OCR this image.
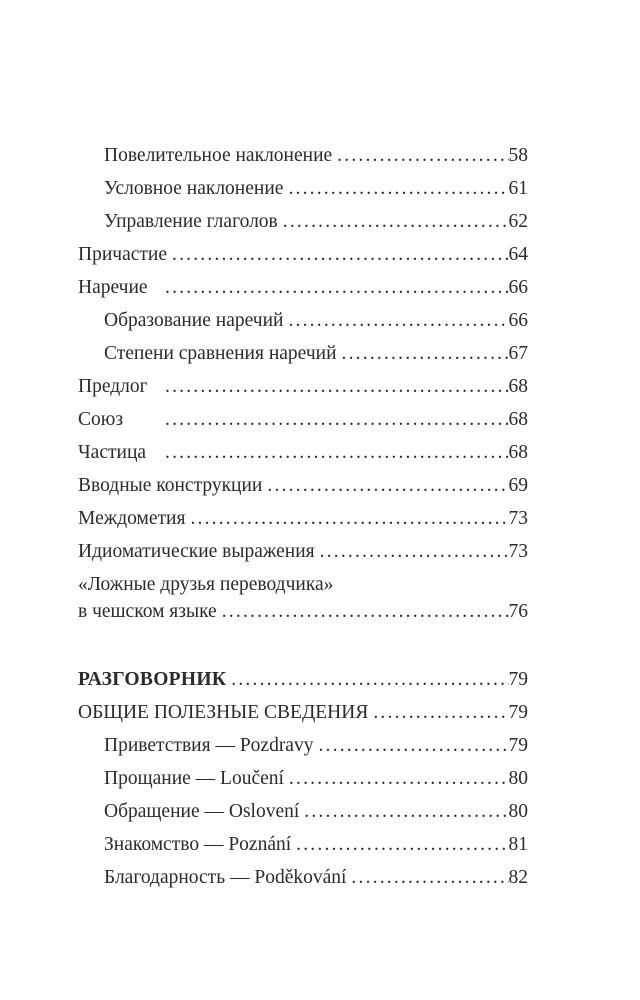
Повелительное наклонение .....	58
Условное наклонение .....	61
Управление глаголов .....	62
Причастие .....	64
Наречие .....	66
Образование наречий .....	66
Степени сравнения наречий .....	67
Предлог .....	68
Союз .....	68
Частица .....	68
Вводные конструкции .....	69
Междометия .....	73
Идиоматические выражения .....	73
«Ложные друзья переводчика»
в чешском языке .....	76
РАЗГОВОРНИК .....	79
ОБЩИЕ ПОЛЕЗНЫЕ СВЕДЕНИЯ .....	79
Приветствия — Pozdravy .....	79
Прощание — Loučení .....	80
Обращение — Oslovení .....	80
Знакомство — Poznání .....	81
Благодарность — Poděkování .....	82
